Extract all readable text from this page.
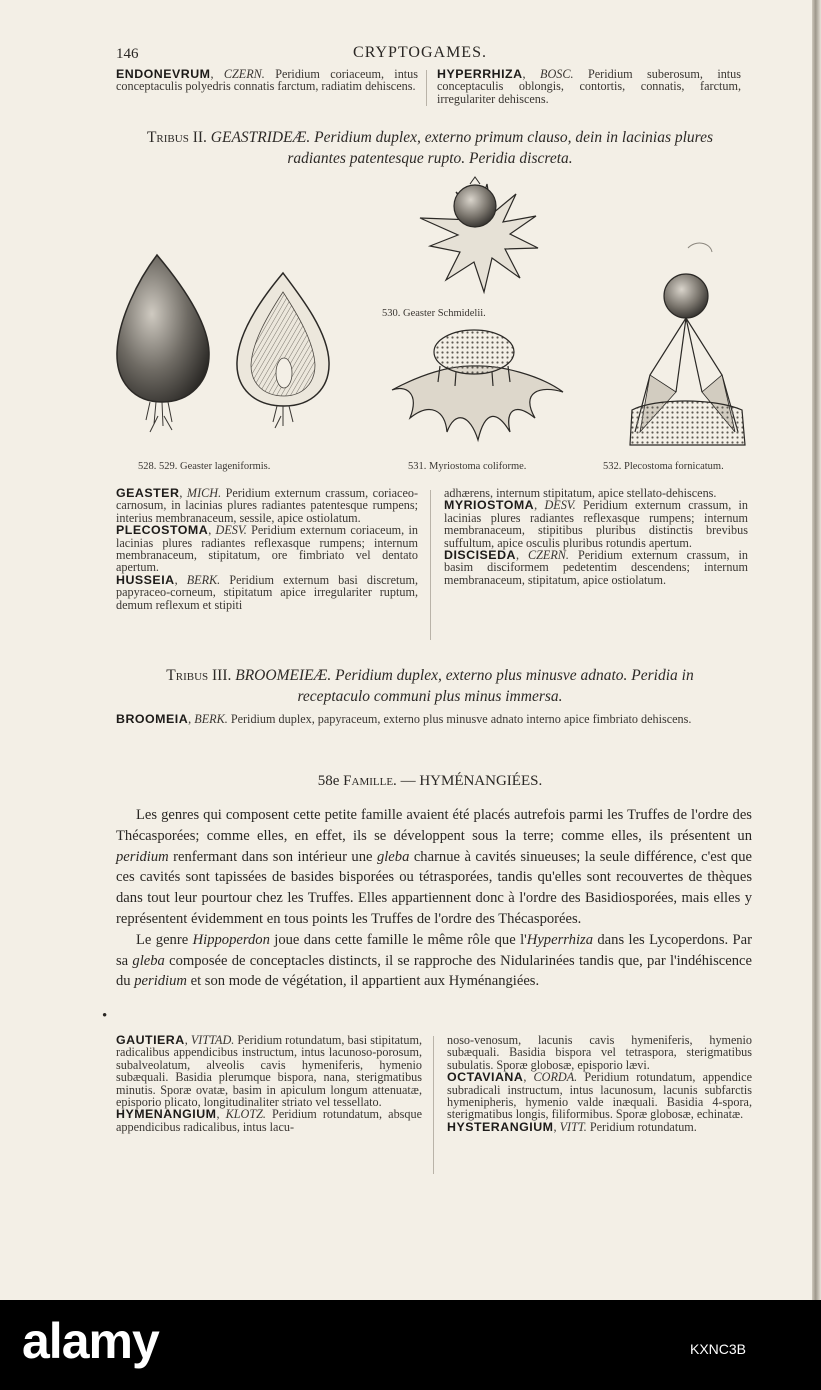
146	CRYPTOGAMES.
ENDONEVRUM, CZERN. Peridium coriaceum, intus conceptaculis polyedris connatis farctum, radiatim dehiscens.
HYPERRHIZA, BOSC. Peridium suberosum, intus conceptaculis oblongis, contortis, connatis, farctum, irregulariter dehiscens.
Tribus II. GEASTRIDEÆ. Peridium duplex, externo primum clauso, dein in lacinias plures
radiantes patentesque rupto. Peridia discreta.
528. 529. Geaster lageniformis.
530. Geaster Schmidelii.
531. Myriostoma coliforme.	532. Plecostoma fornicatum.
GEASTER, MICH. Peridium externum crassum, coriaceo-carnosum, in lacinias plures radiantes patentesque rumpens; interius membranaceum, sessile, apice ostiolatum.
PLECOSTOMA, DESV. Peridium externum coriaceum, in lacinias plures radiantes reflexasque rumpens; internum membranaceum, stipitatum, ore fimbriato vel dentato apertum.
HUSSEIA, BERK. Peridium externum basi discretum, papyraceo-corneum, stipitatum apice irregulariter ruptum, demum reflexum et stipiti
adhærens, internum stipitatum, apice stellato-dehiscens.
MYRIOSTOMA, DESV. Peridium externum crassum, in lacinias plures radiantes reflexasque rumpens; internum membranaceum, stipitibus pluribus distinctis brevibus suffultum, apice osculis pluribus rotundis apertum.
DISCISEDA, CZERN. Peridium externum crassum, in basim disciformem pedetentim descendens; internum membranaceum, stipitatum, apice ostiolatum.
Tribus III. BROOMEIEÆ. Peridium duplex, externo plus minusve adnato. Peridia in
receptaculo communi plus minus immersa.
BROOMEIA, BERK. Peridium duplex, papyraceum, externo plus minusve adnato interno apice fimbriato dehiscens.
58e Famille. — HYMÉNANGIÉES.

Les genres qui composent cette petite famille avaient été placés autrefois parmi les Truffes de l'ordre des Thécasporées; comme elles, en effet, ils se développent sous la terre; comme elles, ils présentent un peridium renfermant dans son intérieur une gleba charnue à cavités sinueuses; la seule différence, c'est que ces cavités sont tapissées de basides bisporées ou tétrasporées, tandis qu'elles sont recouvertes de thèques dans tout leur pourtour chez les Truffes. Elles appartiennent donc à l'ordre des Basidiosporées, mais elles y représentent évidemment en tous points les Truffes de l'ordre des Thécasporées.

Le genre Hippoperdon joue dans cette famille le même rôle que l'Hyperrhiza dans les Lycoperdons. Par sa gleba composée de conceptacles distincts, il se rapproche des Nidularinées tandis que, par l'indéhiscence du peridium et son mode de végétation, il appartient aux Hyménangiées.

•
GAUTIERA, VITTAD. Peridium rotundatum, basi stipitatum, radicalibus appendicibus instructum, intus lacunoso-porosum, subalveolatum, alveolis cavis hymeniferis, hymenio subæquali. Basidia plerumque bispora, nana, sterigmatibus minutis. Sporæ ovatæ, basim in apiculum longum attenuatæ, episporio plicato, longitudinaliter striato vel tessellato.
HYMENANGIUM, KLOTZ. Peridium rotundatum, absque appendicibus radicalibus, intus lacu-
noso-venosum, lacunis cavis hymeniferis, hymenio subæquali. Basidia bispora vel tetraspora, sterigmatibus subulatis. Sporæ globosæ, episporio lævi.
OCTAVIANA, CORDA. Peridium rotundatum, appendice subradicali instructum, intus lacunosum, lacunis subfarctis hymenipheris, hymenio valde inæquali. Basidia 4-spora, sterigmatibus longis, filiformibus. Sporæ globosæ, echinatæ.
HYSTERANGIUM, VITT. Peridium rotundatum.
alamy	KXNC3B
